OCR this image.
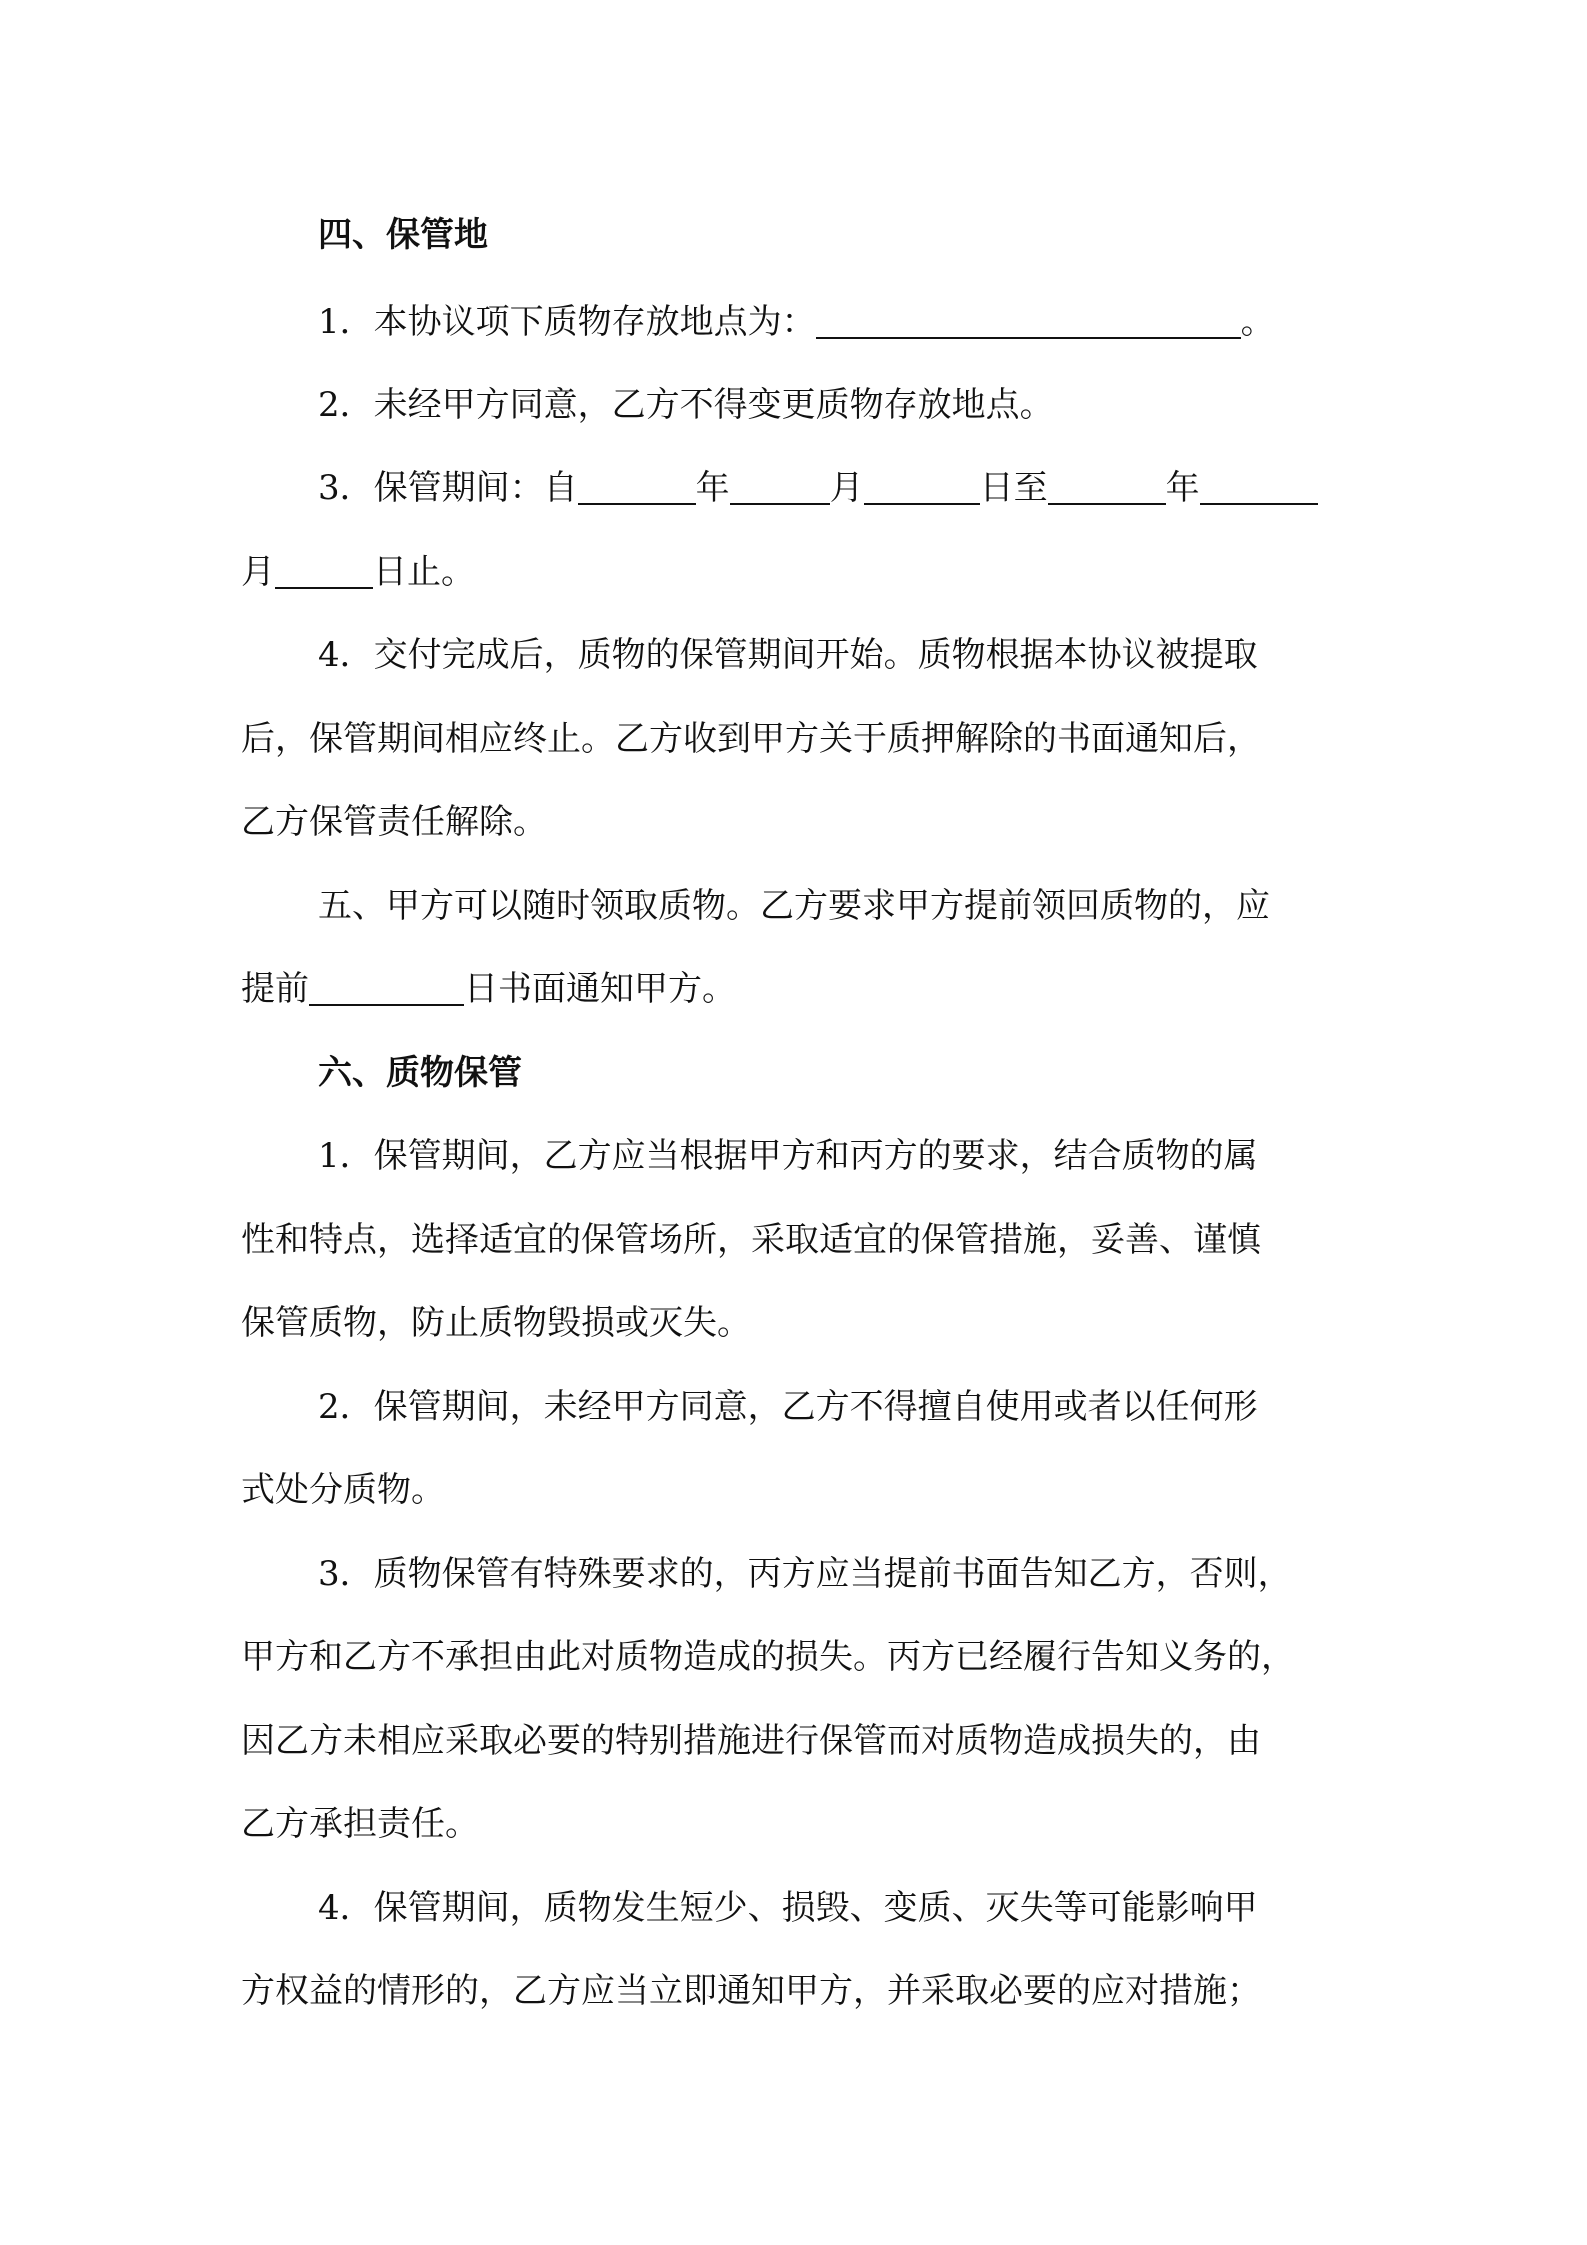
四、保管地
1．本协议项下质物存放地点为：	。
2．未经甲方同意，乙方不得变更质物存放地点。
3．保管期间：自	年	月	日至	年
月	日止。
4．交付完成后，质物的保管期间开始。质物根据本协议被提取
后，保管期间相应终止。乙方收到甲方关于质押解除的书面通知后，
乙方保管责任解除。
五、甲方可以随时领取质物。乙方要求甲方提前领回质物的，应
提前	日书面通知甲方。
六、质物保管
1．保管期间，乙方应当根据甲方和丙方的要求，结合质物的属
性和特点，选择适宜的保管场所，采取适宜的保管措施，妥善、谨慎
保管质物，防止质物毁损或灭失。
2．保管期间，未经甲方同意，乙方不得擅自使用或者以任何形
式处分质物。
3．质物保管有特殊要求的，丙方应当提前书面告知乙方，否则，
甲方和乙方不承担由此对质物造成的损失。丙方已经履行告知义务的，
因乙方未相应采取必要的特别措施进行保管而对质物造成损失的，由
乙方承担责任。
4．保管期间，质物发生短少、损毁、变质、灭失等可能影响甲
方权益的情形的，乙方应当立即通知甲方，并采取必要的应对措施；
